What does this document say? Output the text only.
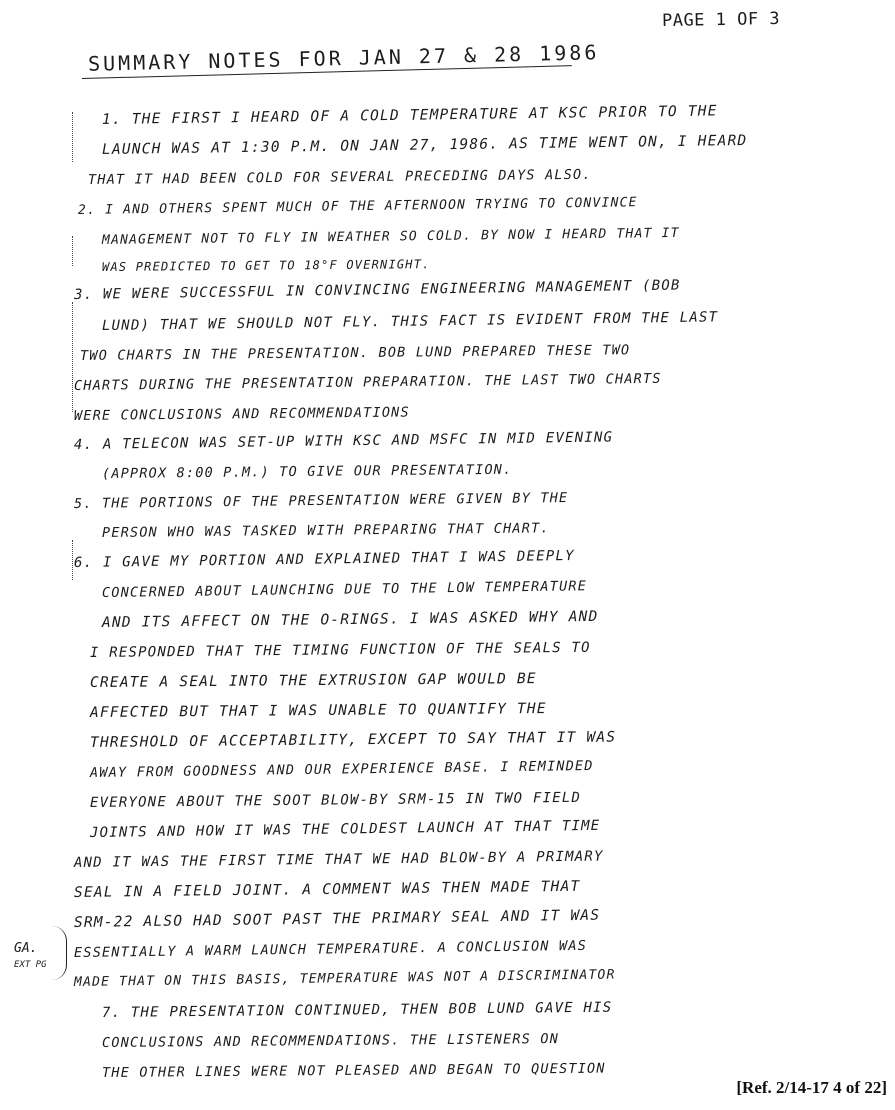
PAGE 1 OF 3
SUMMARY NOTES FOR JAN 27 & 28 1986
1. THE FIRST I HEARD OF A COLD TEMPERATURE AT KSC PRIOR TO THE
LAUNCH WAS AT 1:30 P.M. ON JAN 27, 1986. AS TIME WENT ON, I HEARD
THAT IT HAD BEEN COLD FOR SEVERAL PRECEDING DAYS ALSO.
2. I AND OTHERS SPENT MUCH OF THE AFTERNOON TRYING TO CONVINCE
MANAGEMENT NOT TO FLY IN WEATHER SO COLD. BY NOW I HEARD THAT IT
WAS PREDICTED TO GET TO 18°F OVERNIGHT.
3. WE WERE SUCCESSFUL IN CONVINCING ENGINEERING MANAGEMENT (BOB
LUND) THAT WE SHOULD NOT FLY. THIS FACT IS EVIDENT FROM THE LAST
TWO CHARTS IN THE PRESENTATION. BOB LUND PREPARED THESE TWO
CHARTS DURING THE PRESENTATION PREPARATION. THE LAST TWO CHARTS
WERE CONCLUSIONS AND RECOMMENDATIONS
4. A TELECON WAS SET-UP WITH KSC AND MSFC IN MID EVENING
(APPROX 8:00 P.M.) TO GIVE OUR PRESENTATION.
5. THE PORTIONS OF THE PRESENTATION WERE GIVEN BY THE
PERSON WHO WAS TASKED WITH PREPARING THAT CHART.
6. I GAVE MY PORTION AND EXPLAINED THAT I WAS DEEPLY
CONCERNED ABOUT LAUNCHING DUE TO THE LOW TEMPERATURE
AND ITS AFFECT ON THE O-RINGS. I WAS ASKED WHY AND
I RESPONDED THAT THE TIMING FUNCTION OF THE SEALS TO
CREATE A SEAL INTO THE EXTRUSION GAP WOULD BE
AFFECTED BUT THAT I WAS UNABLE TO QUANTIFY THE
THRESHOLD OF ACCEPTABILITY, EXCEPT TO SAY THAT IT WAS
AWAY FROM GOODNESS AND OUR EXPERIENCE BASE. I REMINDED
EVERYONE ABOUT THE SOOT BLOW-BY SRM-15 IN TWO FIELD
JOINTS AND HOW IT WAS THE COLDEST LAUNCH AT THAT TIME
AND IT WAS THE FIRST TIME THAT WE HAD BLOW-BY A PRIMARY
SEAL IN A FIELD JOINT. A COMMENT WAS THEN MADE THAT
SRM-22 ALSO HAD SOOT PAST THE PRIMARY SEAL AND IT WAS
ESSENTIALLY A WARM LAUNCH TEMPERATURE. A CONCLUSION WAS
MADE THAT ON THIS BASIS, TEMPERATURE WAS NOT A DISCRIMINATOR
7. THE PRESENTATION CONTINUED, THEN BOB LUND GAVE HIS
CONCLUSIONS AND RECOMMENDATIONS. THE LISTENERS ON
THE OTHER LINES WERE NOT PLEASED AND BEGAN TO QUESTION
GA.
EXT PG
[Ref. 2/14-17 4 of 22]
